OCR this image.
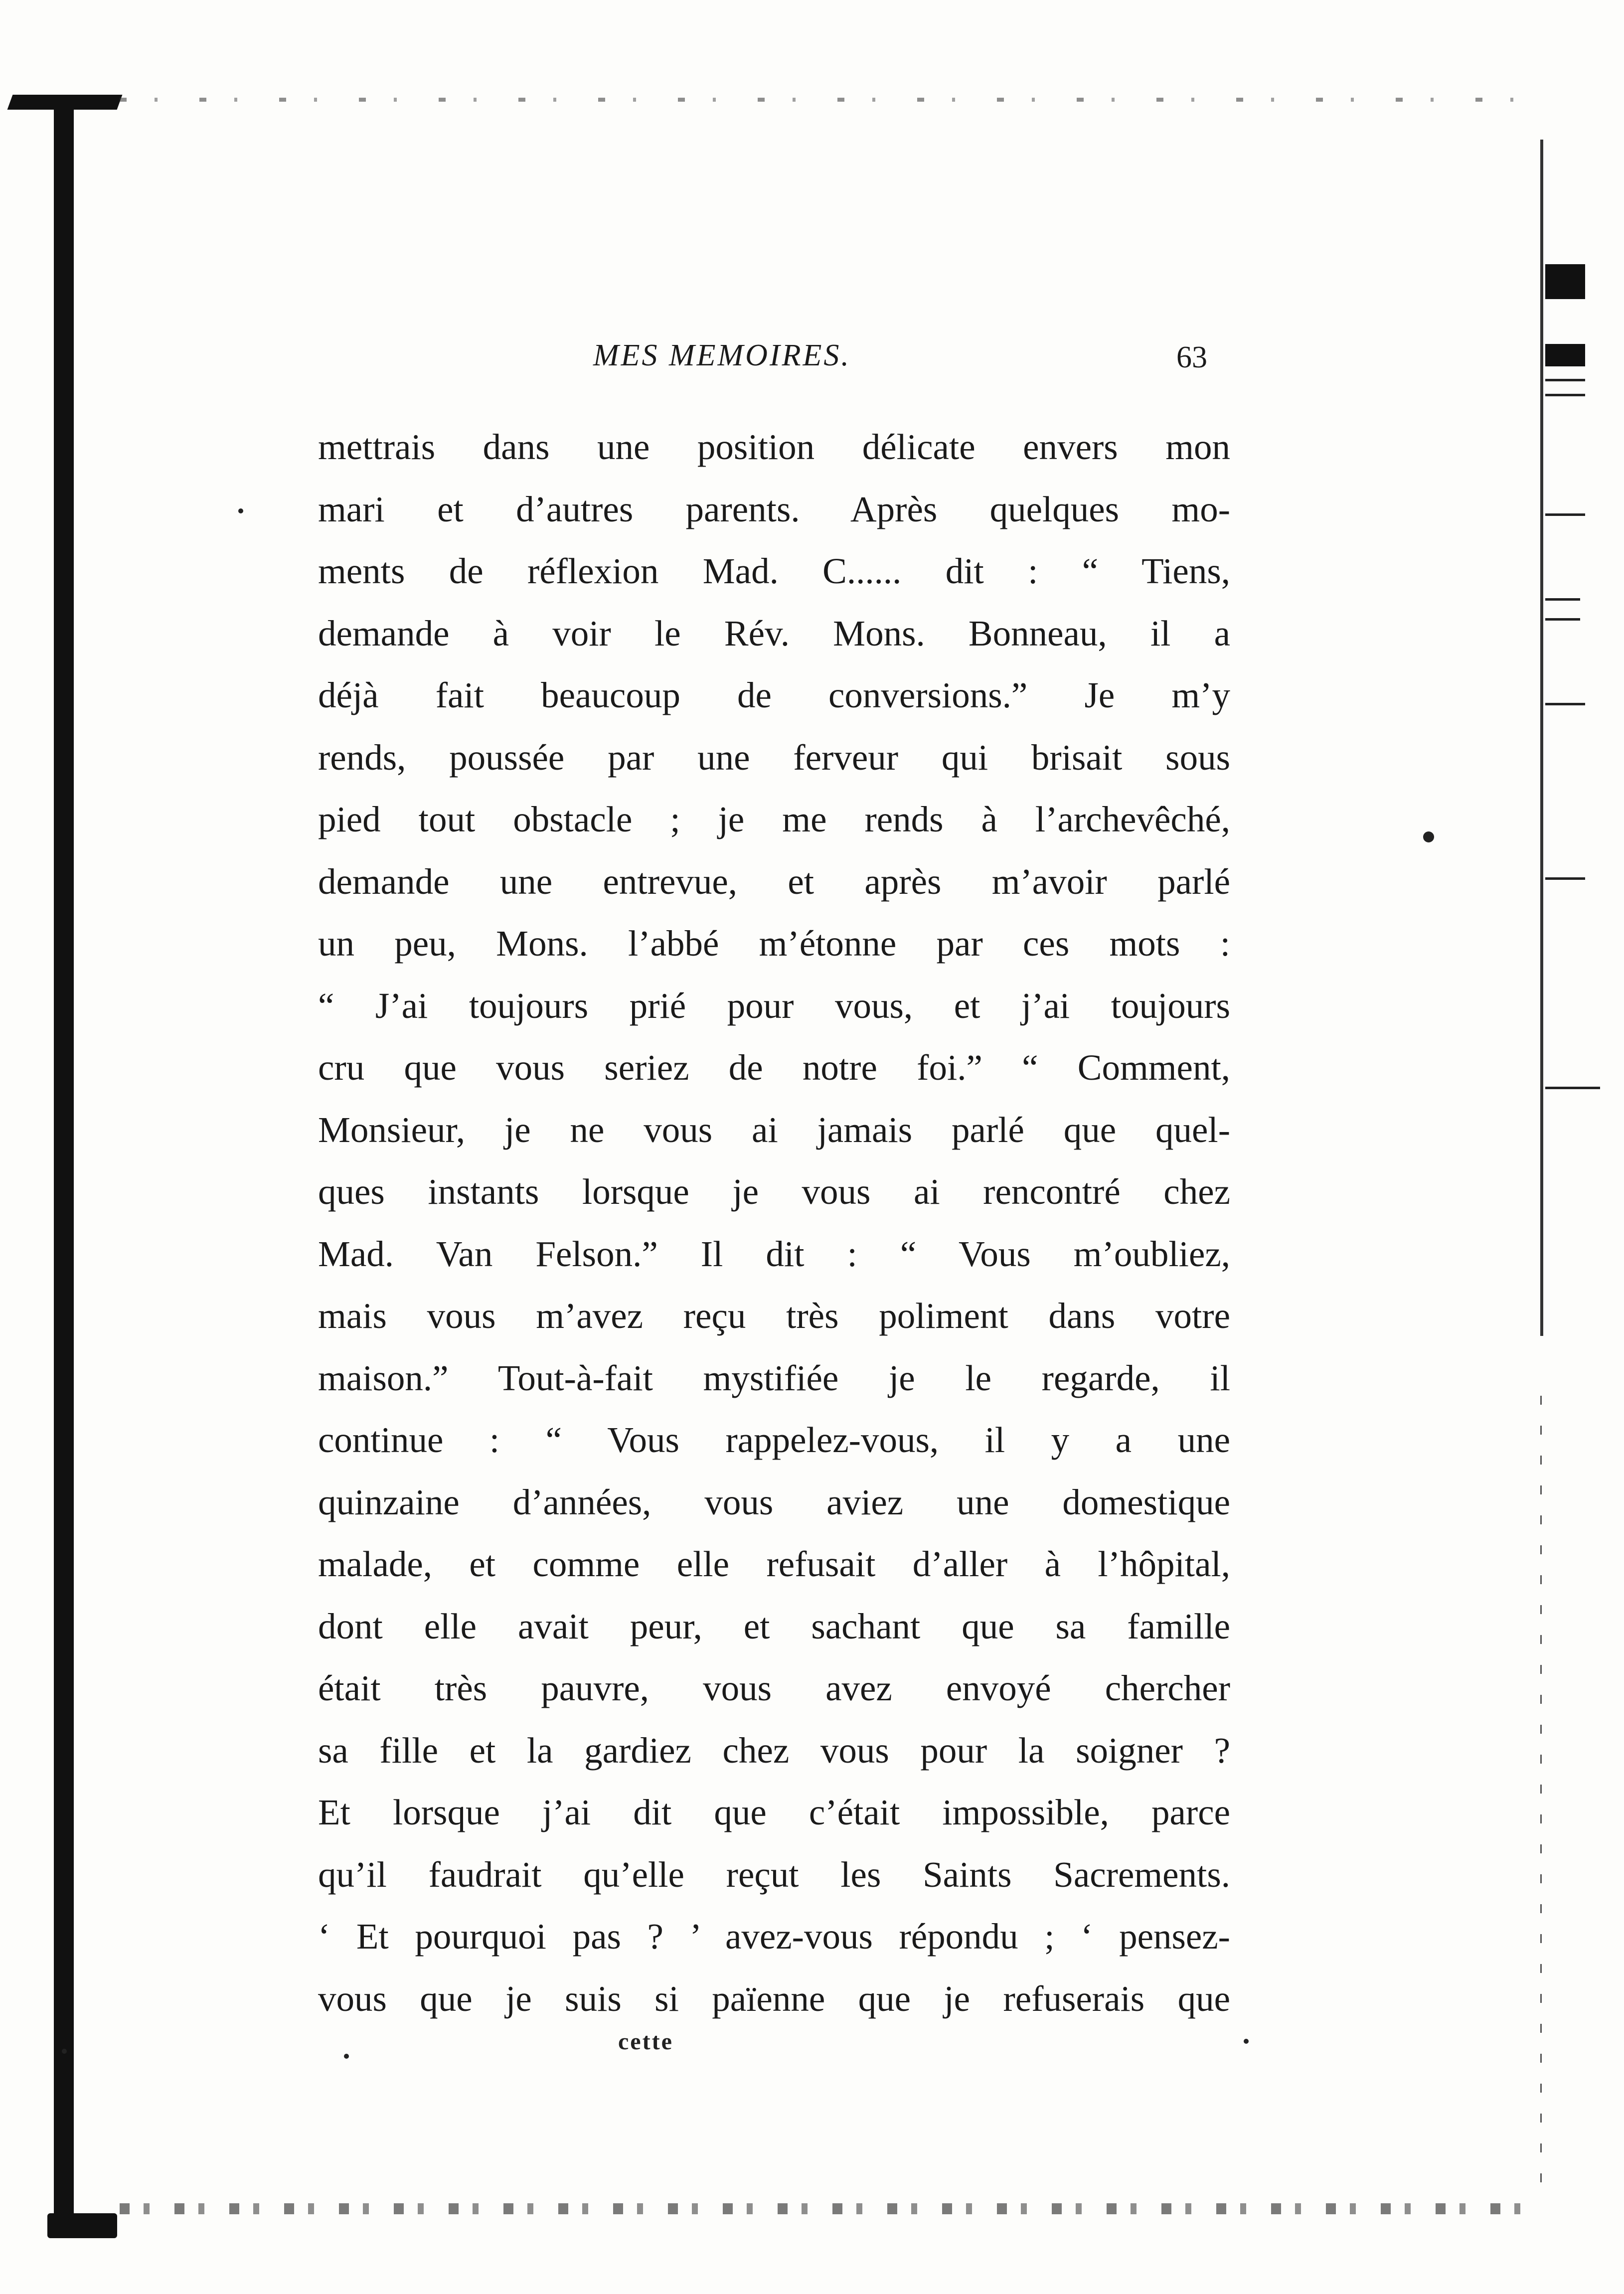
MES MEMOIRES.	63
mettrais dans une position délicate envers mon
mari et d’autres parents. Après quelques mo-
ments de réflexion Mad. C...... dit : “ Tiens,
demande à voir le Rév. Mons. Bonneau, il a
déjà fait beaucoup de conversions.” Je m’y
rends, poussée par une ferveur qui brisait sous
pied tout obstacle ; je me rends à l’archevêché,
demande une entrevue, et après m’avoir parlé
un peu, Mons. l’abbé m’étonne par ces mots :
“ J’ai toujours prié pour vous, et j’ai toujours
cru que vous seriez de notre foi.” “ Comment,
Monsieur, je ne vous ai jamais parlé que quel-
ques instants lorsque je vous ai rencontré chez
Mad. Van Felson.” Il dit : “ Vous m’oubliez,
mais vous m’avez reçu très poliment dans votre
maison.” Tout-à-fait mystifiée je le regarde, il
continue : “ Vous rappelez-vous, il y a une
quinzaine d’années, vous aviez une domestique
malade, et comme elle refusait d’aller à l’hôpital,
dont elle avait peur, et sachant que sa famille
était très pauvre, vous avez envoyé chercher
sa fille et la gardiez chez vous pour la soigner ?
Et lorsque j’ai dit que c’était impossible, parce
qu’il faudrait qu’elle reçut les Saints Sacrements.
‘ Et pourquoi pas ? ’ avez-vous répondu ; ‘ pensez-
vous que je suis si païenne que je refuserais que
cette
